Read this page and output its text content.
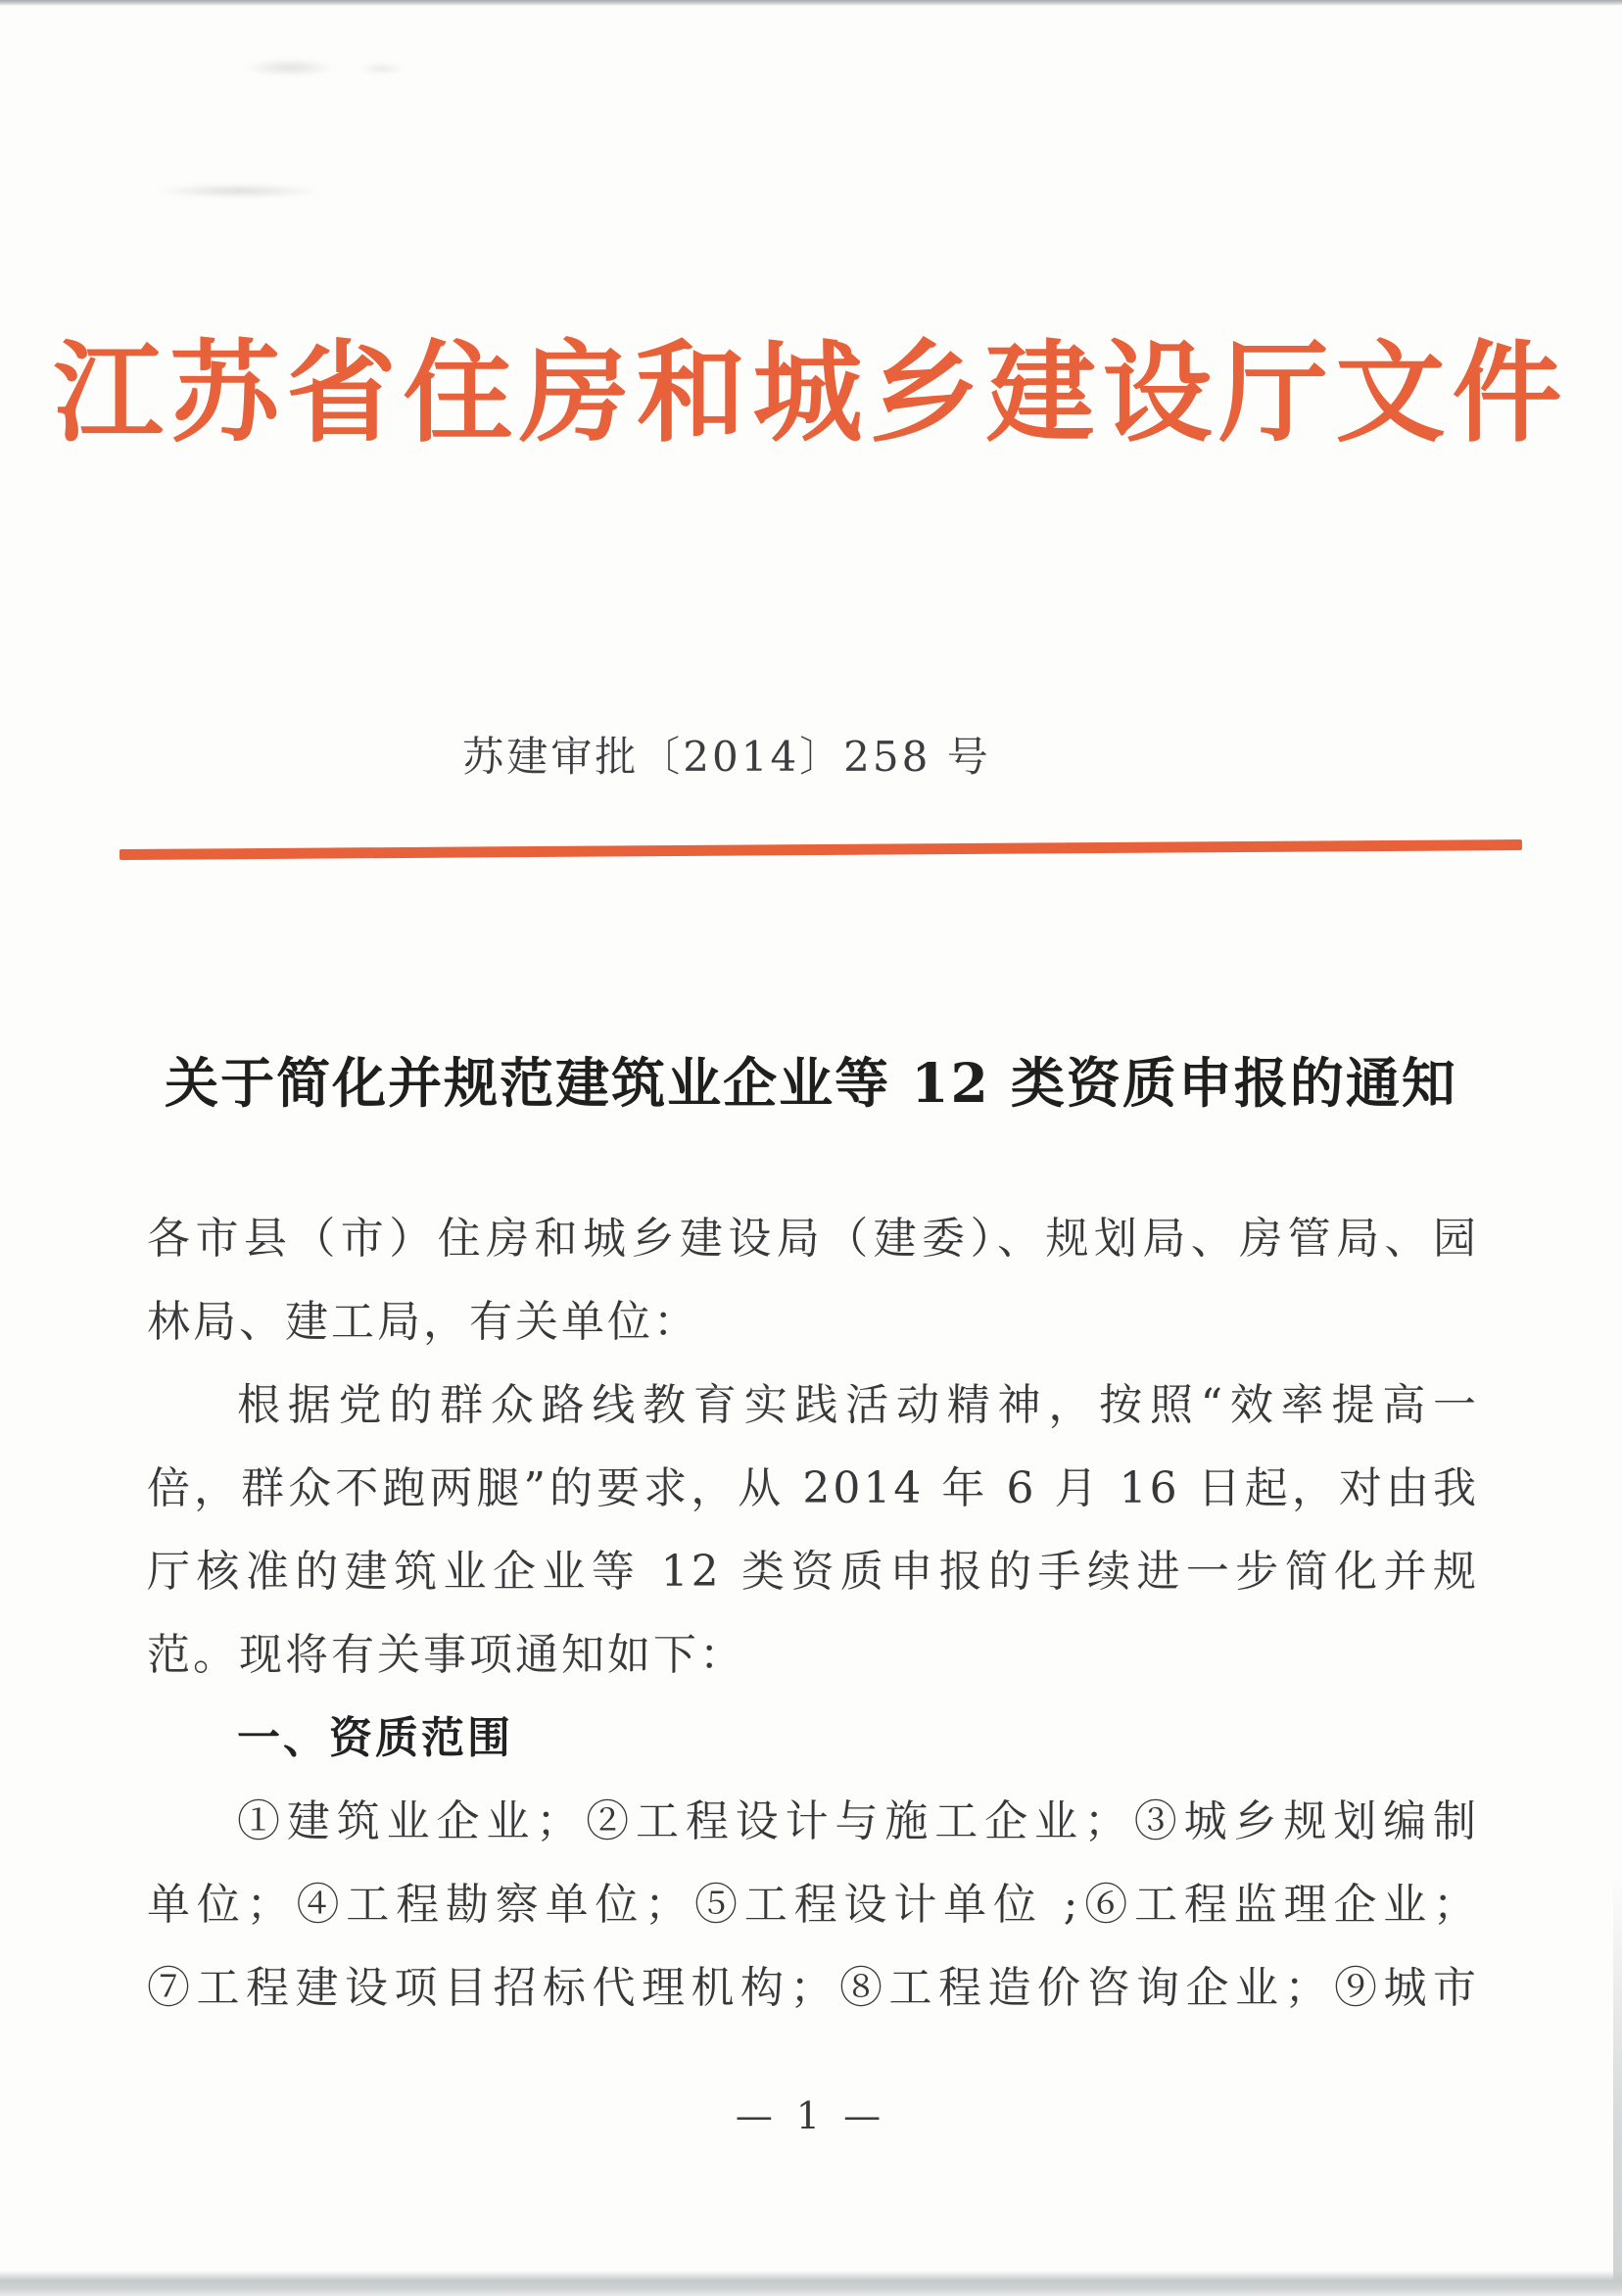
江苏省住房和城乡建设厅文件
苏建审批〔2014〕258 号
关于简化并规范建筑业企业等 12 类资质申报的通知
各市县（市）住房和城乡建设局（建委）、规划局、房管局、园
林局、建工局，有关单位：
根据党的群众路线教育实践活动精神，按照“效率提高一
倍，群众不跑两腿”的要求，从 2014 年 6 月 16 日起，对由我
厅核准的建筑业企业等 12 类资质申报的手续进一步简化并规
范。现将有关事项通知如下：
一、资质范围
①建筑业企业；②工程设计与施工企业；③城乡规划编制
单位；④工程勘察单位；⑤工程设计单位 ;⑥工程监理企业；
⑦工程建设项目招标代理机构；⑧工程造价咨询企业；⑨城市
— 1 —
